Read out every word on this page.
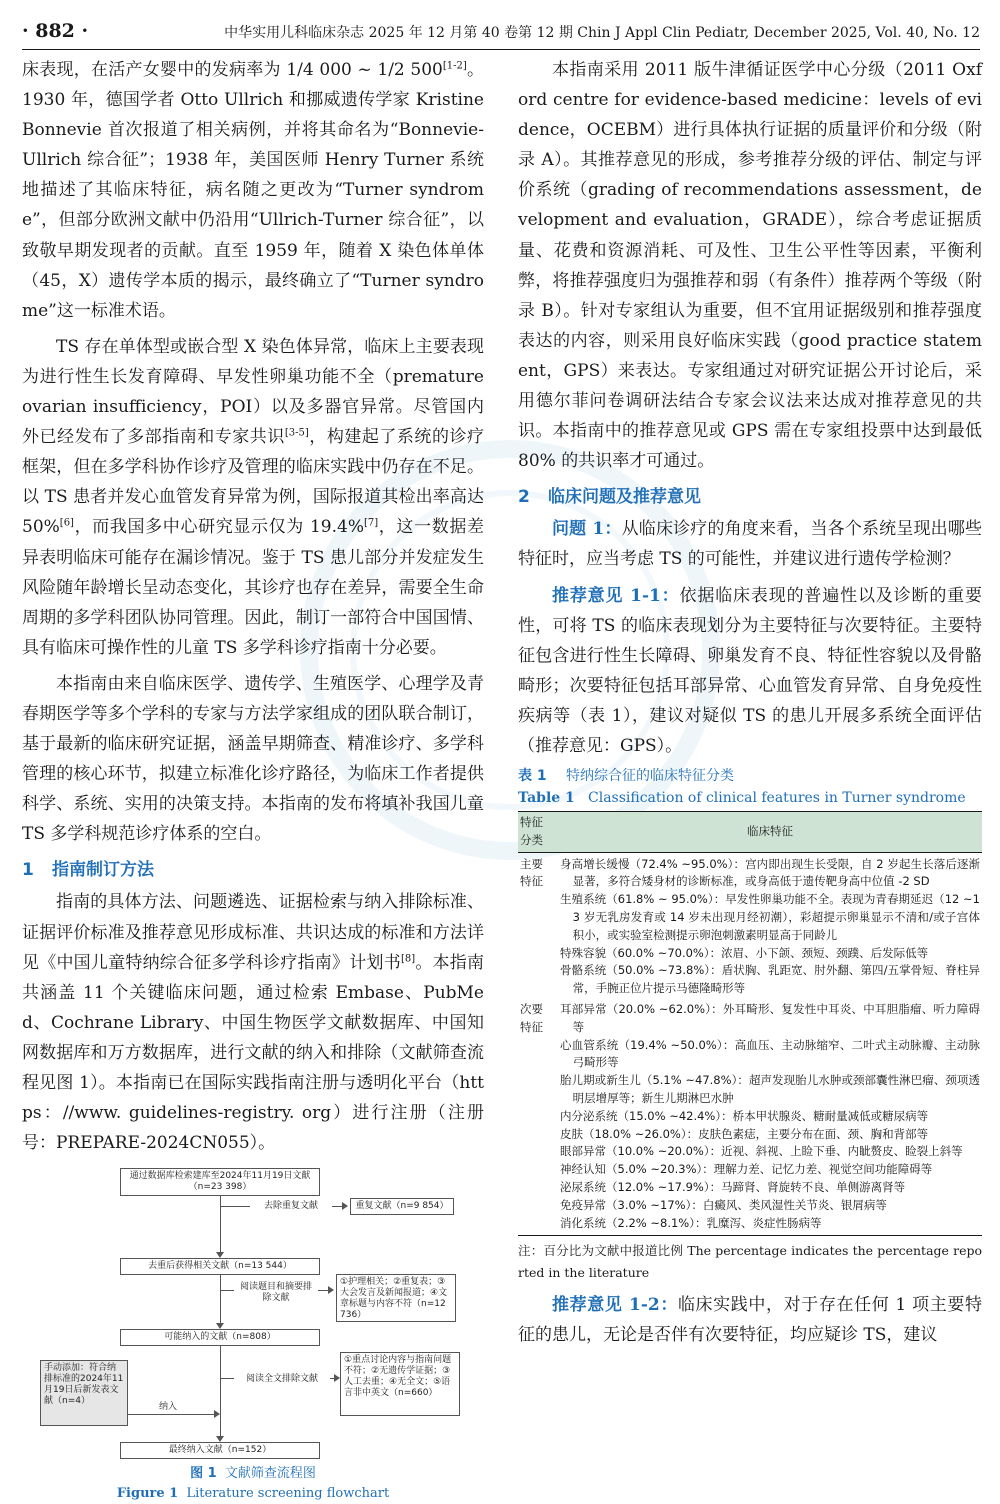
· 882 ·	中华实用儿科临床杂志 2025 年 12 月第 40 卷第 12 期 Chin J Appl Clin Pediatr, December 2025, Vol. 40, No. 12

床表现，在活产女婴中的发病率为 1/4 000 ~ 1/2 500[1-2]。1930 年，德国学者 Otto Ullrich 和挪威遗传学家 Kristine Bonnevie 首次报道了相关病例，并将其命名为“Bonnevie-Ullrich 综合征”；1938 年，美国医师 Henry Turner 系统地描述了其临床特征，病名随之更改为“Turner syndrome”，但部分欧洲文献中仍沿用“Ullrich-Turner 综合征”，以致敬早期发现者的贡献。直至 1959 年，随着 X 染色体单体（45，X）遗传学本质的揭示，最终确立了“Turner syndrome”这一标准术语。

TS 存在单体型或嵌合型 X 染色体异常，临床上主要表现为进行性生长发育障碍、早发性卵巢功能不全（premature ovarian insufficiency，POI）以及多器官异常。尽管国内外已经发布了多部指南和专家共识[3-5]，构建起了系统的诊疗框架，但在多学科协作诊疗及管理的临床实践中仍存在不足。以 TS 患者并发心血管发育异常为例，国际报道其检出率高达 50%[6]，而我国多中心研究显示仅为 19.4%[7]，这一数据差异表明临床可能存在漏诊情况。鉴于 TS 患儿部分并发症发生风险随年龄增长呈动态变化，其诊疗也存在差异，需要全生命周期的多学科团队协同管理。因此，制订一部符合中国国情、具有临床可操作性的儿童 TS 多学科诊疗指南十分必要。

本指南由来自临床医学、遗传学、生殖医学、心理学及青春期医学等多个学科的专家与方法学家组成的团队联合制订，基于最新的临床研究证据，涵盖早期筛查、精准诊疗、多学科管理的核心环节，拟建立标准化诊疗路径，为临床工作者提供科学、系统、实用的决策支持。本指南的发布将填补我国儿童 TS 多学科规范诊疗体系的空白。

1 指南制订方法

指南的具体方法、问题遴选、证据检索与纳入排除标准、证据评价标准及推荐意见形成标准、共识达成的标准和方法详见《中国儿童特纳综合征多学科诊疗指南》计划书[8]。本指南共涵盖 11 个关键临床问题，通过检索 Embase、PubMed、Cochrane Library、中国生物医学文献数据库、中国知网数据库和万方数据库，进行文献的纳入和排除（文献筛查流程见图 1）。本指南已在国际实践指南注册与透明化平台（https：//www. guidelines-registry. org）进行注册（注册号：PREPARE-2024CN055）。

通过数据库检索建库至2024年11月19日文献（n=23 398）
去除重复文献	重复文献（n=9 854）
去重后获得相关文献（n=13 544）
阅读题目和摘要排除文献
①护理相关；②重复表；③大会发言及新闻报道；④文章标题与内容不符（n=12 736）
可能纳入的文献（n=808）
阅读全文排除文献
①重点讨论内容与指南问题不符；②无遗传学证据；③人工去重；④无全文；⑤语言非中英文（n=660）
手动添加：符合纳排标准的2024年11月19日后新发表文献（n=4）
纳入
最终纳入文献（n=152）
图 1 文献筛查流程图
Figure 1 Literature screening flowchart

本指南采用 2011 版牛津循证医学中心分级（2011 Oxford centre for evidence-based medicine：levels of evidence，OCEBM）进行具体执行证据的质量评价和分级（附录 A）。其推荐意见的形成，参考推荐分级的评估、制定与评价系统（grading of recommendations assessment，development and evaluation，GRADE），综合考虑证据质量、花费和资源消耗、可及性、卫生公平性等因素，平衡利弊，将推荐强度归为强推荐和弱（有条件）推荐两个等级（附录 B）。针对专家组认为重要，但不宜用证据级别和推荐强度表达的内容，则采用良好临床实践（good practice statement，GPS）来表达。专家组通过对研究证据公开讨论后，采用德尔菲问卷调研法结合专家会议法来达成对推荐意见的共识。本指南中的推荐意见或 GPS 需在专家组投票中达到最低 80% 的共识率才可通过。

2 临床问题及推荐意见

问题 1：从临床诊疗的角度来看，当各个系统呈现出哪些特征时，应当考虑 TS 的可能性，并建议进行遗传学检测？

推荐意见 1-1：依据临床表现的普遍性以及诊断的重要性，可将 TS 的临床表现划分为主要特征与次要特征。主要特征包含进行性生长障碍、卵巢发育不良、特征性容貌以及骨骼畸形；次要特征包括耳部异常、心血管发育异常、自身免疫性疾病等（表 1），建议对疑似 TS 的患儿开展多系统全面评估（推荐意见：GPS）。

表 1 特纳综合征的临床特征分类
Table 1 Classification of clinical features in Turner syndrome
特征
分类	临床特征
主要
特征	身高增长缓慢（72.4% ~95.0%）：宫内即出现生长受限，自 2 岁起生长落后逐渐显著，多符合矮身材的诊断标准，或身高低于遗传靶身高中位值 -2 SD

	生殖系统（61.8% ~ 95.0%）：早发性卵巢功能不全。表现为青春期延迟（12 ~13 岁无乳房发育或 14 岁未出现月经初潮），彩超提示卵巢显示不清和/或子宫体积小，或实验室检测提示卵泡刺激素明显高于同龄儿

	特殊容貌（60.0% ~70.0%）：浓眉、小下颌、颈短、颈蹼、后发际低等

	骨骼系统（50.0% ~73.8%）：盾状胸、乳距宽、肘外翻、第四/五掌骨短、脊柱异常，手腕正位片提示马德隆畸形等

次要
特征	耳部异常（20.0% ~62.0%）：外耳畸形、复发性中耳炎、中耳胆脂瘤、听力障碍等

	心血管系统（19.4% ~50.0%）：高血压、主动脉缩窄、二叶式主动脉瓣、主动脉弓畸形等

	胎儿期或新生儿（5.1% ~47.8%）：超声发现胎儿水肿或颈部囊性淋巴瘤、颈项透明层增厚等；新生儿期淋巴水肿

	内分泌系统（15.0% ~42.4%）：桥本甲状腺炎、糖耐量减低或糖尿病等

	皮肤（18.0% ~26.0%）：皮肤色素痣，主要分布在面、颈、胸和背部等

	眼部异常（10.0% ~20.0%）：近视、斜视、上睑下垂、内眦赘皮、睑裂上斜等

	神经认知（5.0% ~20.3%）：理解力差、记忆力差、视觉空间功能障碍等

	泌尿系统（12.0% ~17.9%）：马蹄肾、肾旋转不良、单侧游离肾等

	免疫异常（3.0% ~17%）：白癜风、类风湿性关节炎、银屑病等

	消化系统（2.2% ~8.1%）：乳糜泻、炎症性肠病等
注：百分比为文献中报道比例 The percentage indicates the percentage reported in the literature

推荐意见 1-2：临床实践中，对于存在任何 1 项主要特征的患儿，无论是否伴有次要特征，均应疑诊 TS，建议
